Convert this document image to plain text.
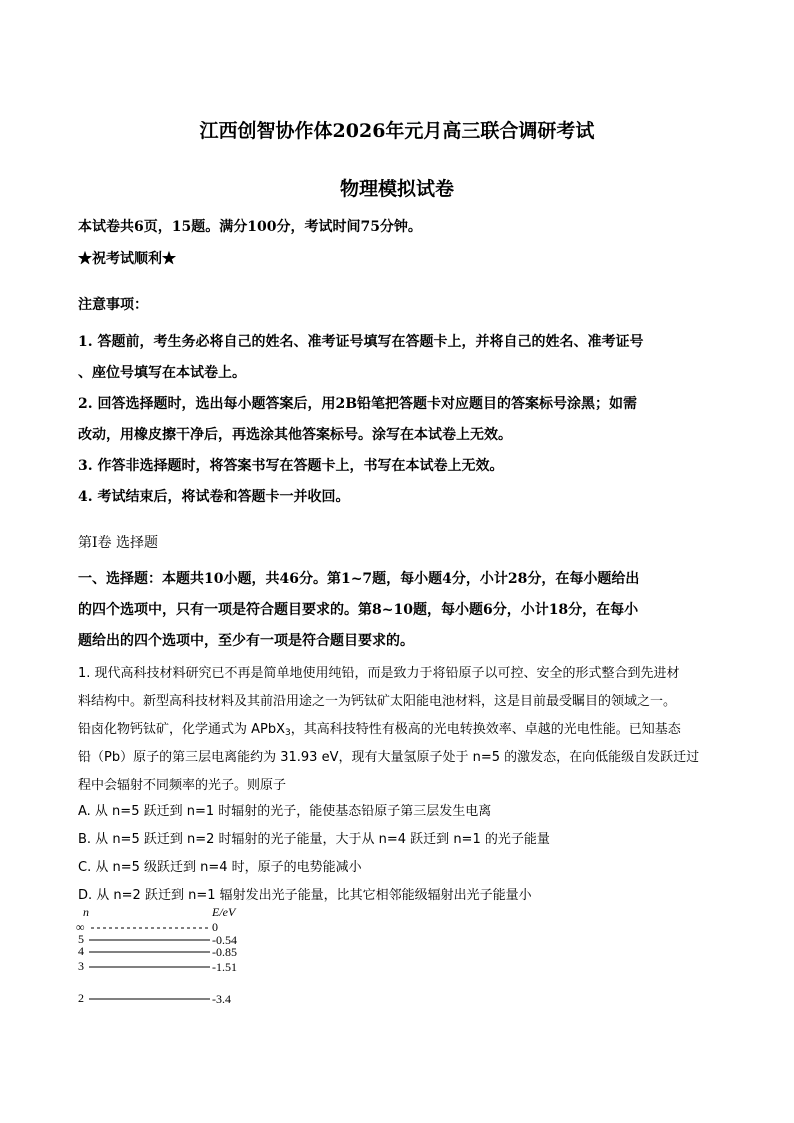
江西创智协作体2026年元月高三联合调研考试
物理模拟试卷
本试卷共6页，15题。满分100分，考试时间75分钟。
★祝考试顺利★
注意事项：
1. 答题前，考生务必将自己的姓名、准考证号填写在答题卡上，并将自己的姓名、准考证号
、座位号填写在本试卷上。
2. 回答选择题时，选出每小题答案后，用2B铅笔把答题卡对应题目的答案标号涂黑；如需
改动，用橡皮擦干净后，再选涂其他答案标号。涂写在本试卷上无效。
3. 作答非选择题时，将答案书写在答题卡上，书写在本试卷上无效。
4. 考试结束后，将试卷和答题卡一并收回。
第Ⅰ卷 选择题
一、选择题：本题共10小题，共46分。第1~7题，每小题4分，小计28分，在每小题给出
的四个选项中，只有一项是符合题目要求的。第8~10题，每小题6分，小计18分，在每小
题给出的四个选项中，至少有一项是符合题目要求的。
1. 现代高科技材料研究已不再是简单地使用纯铅，而是致力于将铅原子以可控、安全的形式整合到先进材
料结构中。新型高科技材料及其前沿用途之一为钙钛矿太阳能电池材料，这是目前最受瞩目的领域之一。
铅卤化物钙钛矿，化学通式为 APbX$_3$，其高科技特性有极高的光电转换效率、卓越的光电性能。已知基态
铅（Pb）原子的第三层电离能约为 31.93 eV，现有大量氢原子处于 n=5 的激发态，在向低能级自发跃迁过
程中会辐射不同频率的光子。则原子
A. 从 n=5 跃迁到 n=1 时辐射的光子，能使基态铅原子第三层发生电离
B. 从 n=5 跃迁到 n=2 时辐射的光子能量，大于从 n=4 跃迁到 n=1 的光子能量
C. 从 n=5 级跃迁到 n=4 时，原子的电势能减小
D. 从 n=2 跃迁到 n=1 辐射发出光子能量，比其它相邻能级辐射出光子能量小
n	E/eV
∞	0
5	-0.54
4	-0.85
3	-1.51
2	-3.4
